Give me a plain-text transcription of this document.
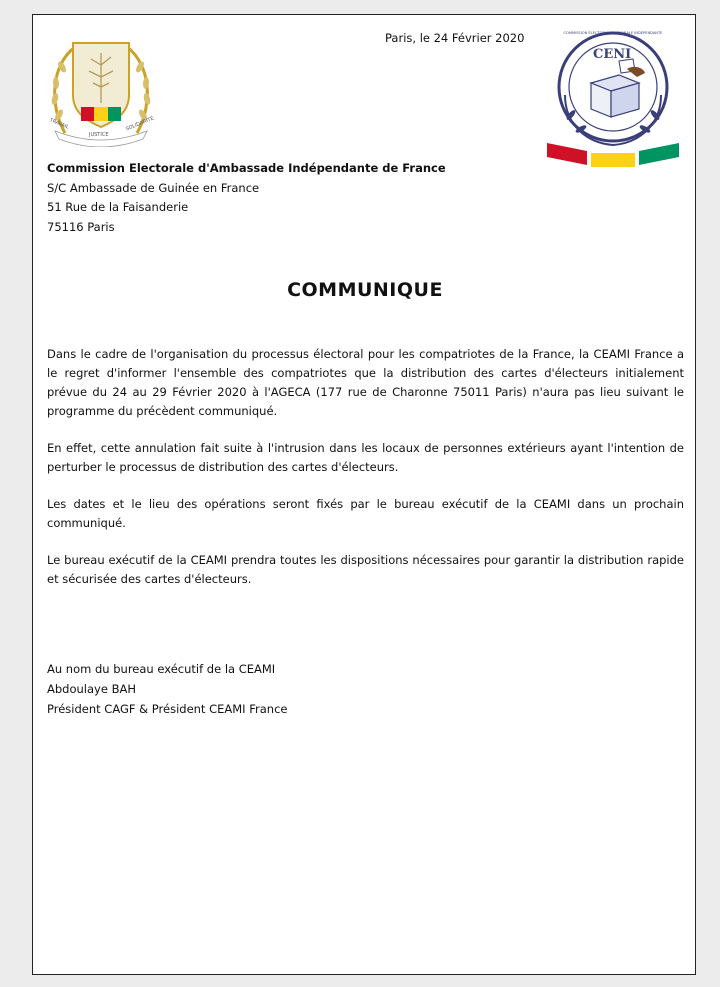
TRAVAIL
JUSTICE
SOLIDARITÉ
Paris, le 24 Février 2020
CENI
COMMISSION ÉLECTORALE NATIONALE INDÉPENDANTE
Commission Electorale d'Ambassade Indépendante de France
S/C Ambassade de Guinée en France
51 Rue de la Faisanderie
75116 Paris
COMMUNIQUE

Dans le cadre de l'organisation du processus électoral pour les compatriotes de la France, la CEAMI France a le regret d'informer l'ensemble des compatriotes que la distribution des cartes d'électeurs initialement prévue du 24 au 29 Février 2020 à l'AGECA (177 rue de Charonne 75011 Paris) n'aura pas lieu suivant le programme du précèdent communiqué.

En effet, cette annulation fait suite à l'intrusion dans les locaux de personnes extérieurs ayant l'intention de perturber le processus de distribution des cartes d'électeurs.

Les dates et le lieu des opérations seront fixés par le bureau exécutif de la CEAMI dans un prochain communiqué.

Le bureau exécutif de la CEAMI prendra toutes les dispositions nécessaires pour garantir la distribution rapide et sécurisée des cartes d'électeurs.

Au nom du bureau exécutif de la CEAMI
Abdoulaye BAH
Président CAGF & Président CEAMI France
